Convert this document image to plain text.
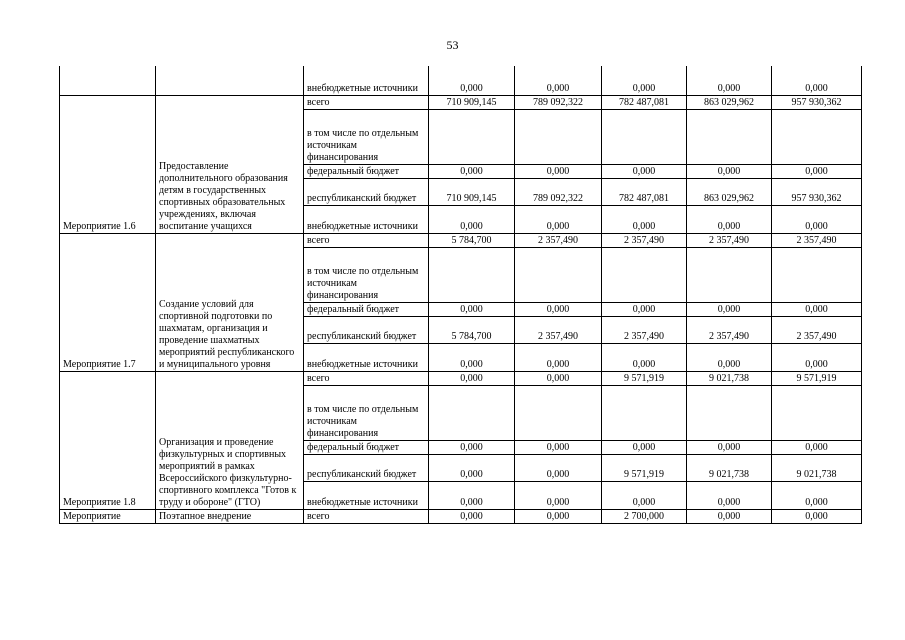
53
		внебюджетные источники	0,000	0,000	0,000	0,000	0,000
Мероприятие 1.6	Предоставление дополнительного образования детям в государственных спортивных образовательных учреждениях, включая воспитание учащихся	всего	710 909,145	789 092,322	782 487,081	863 029,962	957 930,362
		в том числе по отдельным источникам финансирования					
		федеральный бюджет	0,000	0,000	0,000	0,000	0,000
		республиканский бюджет	710 909,145	789 092,322	782 487,081	863 029,962	957 930,362
		внебюджетные источники	0,000	0,000	0,000	0,000	0,000
Мероприятие 1.7	Создание условий для спортивной подготовки по шахматам, организация и проведение шахматных мероприятий республиканского и муниципального уровня	всего	5 784,700	2 357,490	2 357,490	2 357,490	2 357,490
		в том числе по отдельным источникам финансирования					
		федеральный бюджет	0,000	0,000	0,000	0,000	0,000
		республиканский бюджет	5 784,700	2 357,490	2 357,490	2 357,490	2 357,490
		внебюджетные источники	0,000	0,000	0,000	0,000	0,000
Мероприятие 1.8	Организация и проведение физкультурных и спортивных мероприятий в рамках Всероссийского физкультурно-спортивного комплекса "Готов к труду и обороне" (ГТО)	всего	0,000	0,000	9 571,919	9 021,738	9 571,919
		в том числе по отдельным источникам финансирования					
		федеральный бюджет	0,000	0,000	0,000	0,000	0,000
		республиканский бюджет	0,000	0,000	9 571,919	9 021,738	9 021,738
		внебюджетные источники	0,000	0,000	0,000	0,000	0,000
Мероприятие	Поэтапное внедрение	всего	0,000	0,000	2 700,000	0,000	0,000
